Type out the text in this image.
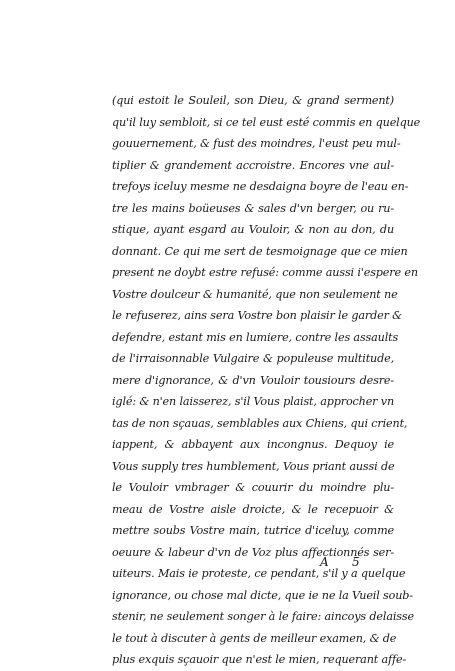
(qui estoit le Souleil, son Dieu, & grand serment)
qu'il luy sembloit, si ce tel eust esté commis en quelque
gouuernement, & fust des moindres, l'eust peu mul-
tiplier & grandement accroistre. Encores vne aul-
trefoys iceluy mesme ne desdaigna boyre de l'eau en-
tre les mains boüeuses & sales d'vn berger, ou ru-
stique, ayant esgard au Vouloir, & non au don, du
donnant. Ce qui me sert de tesmoignage que ce mien
present ne doybt estre refusé: comme aussi i'espere en
Vostre doulceur & humanité, que non seulement ne
le refuserez, ains sera Vostre bon plaisir le garder &
defendre, estant mis en lumiere, contre les assaults
de l'irraisonnable Vulgaire & populeuse multitude,
mere d'ignorance, & d'vn Vouloir tousiours desre-
iglé: & n'en laisserez, s'il Vous plaist, approcher vn
tas de non sçauas, semblables aux Chiens, qui crient,
iappent, & abbayent aux incongnus. Dequoy ie
Vous supply tres humblement, Vous priant aussi de
le Vouloir vmbrager & couurir du moindre plu-
meau de Vostre aisle droicte, & le recepuoir &
mettre soubs Vostre main, tutrice d'iceluy, comme
oeuure & labeur d'vn de Voz plus affectionnés ser-
uiteurs. Mais ie proteste, ce pendant, s'il y a quelque
ignorance, ou chose mal dicte, que ie ne la Vueil soub-
stenir, ne seulement songer à le faire: aincoys delaisse
le tout à discuter à gents de meilleur examen, & de
plus exquis sçauoir que n'est le mien, requerant affe-
A 5
